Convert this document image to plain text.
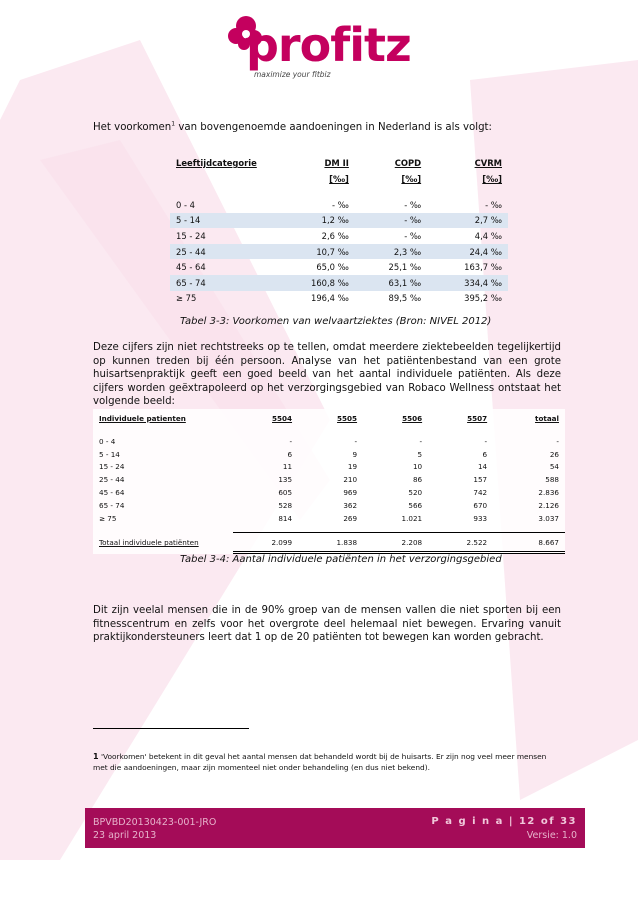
profitz
maximize your fitbiz

Het voorkomen$^1$ van bovengenoemde aandoeningen in Nederland is als volgt:

Leeftijdcategorie	DM II	COPD	CVRM
	[‰]	[‰]	[‰]

0 - 4	- ‰	- ‰	- ‰
5 - 14	1,2 ‰	- ‰	2,7 ‰
15 - 24	2,6 ‰	- ‰	4,4 ‰
25 - 44	10,7 ‰	2,3 ‰	24,4 ‰
45 - 64	65,0 ‰	25,1 ‰	163,7 ‰
65 - 74	160,8 ‰	63,1 ‰	334,4 ‰
≥ 75	196,4 ‰	89,5 ‰	395,2 ‰
Tabel 3-3: Voorkomen van welvaartziektes (Bron: NIVEL 2012)

Deze cijfers zijn niet rechtstreeks op te tellen, omdat meerdere ziektebeelden tegelijkertijd op kunnen treden bij één persoon. Analyse van het patiëntenbestand van een grote huisartsenpraktijk geeft een goed beeld van het aantal individuele patiënten. Als deze cijfers worden geëxtrapoleerd op het verzorgingsgebied van Robaco Wellness ontstaat het volgende beeld:

Individuele patienten	5504	5505	5506	5507	totaal

0 - 4	-	-	-	-	-
5 - 14	6	9	5	6	26
15 - 24	11	19	10	14	54
25 - 44	135	210	86	157	588
45 - 64	605	969	520	742	2.836
65 - 74	528	362	566	670	2.126
≥ 75	814	269	1.021	933	3.037

Totaal individuele patiënten	2.099	1.838	2.208	2.522	8.667
Tabel 3-4: Aantal individuele patiënten in het verzorgingsgebied

Dit zijn veelal mensen die in de 90% groep van de mensen vallen die niet sporten bij een fitnesscentrum en zelfs voor het overgrote deel helemaal niet bewegen. Ervaring vanuit praktijkondersteuners leert dat 1 op de 20 patiënten tot bewegen kan worden gebracht.

1 'Voorkomen' betekent in dit geval het aantal mensen dat behandeld wordt bij de huisarts. Er zijn nog veel meer mensen met die aandoeningen, maar zijn momenteel niet onder behandeling (en dus niet bekend).
BPVBD20130423-001-JRO
23 april 2013
P a g i n a | 12 of 33
Versie: 1.0
